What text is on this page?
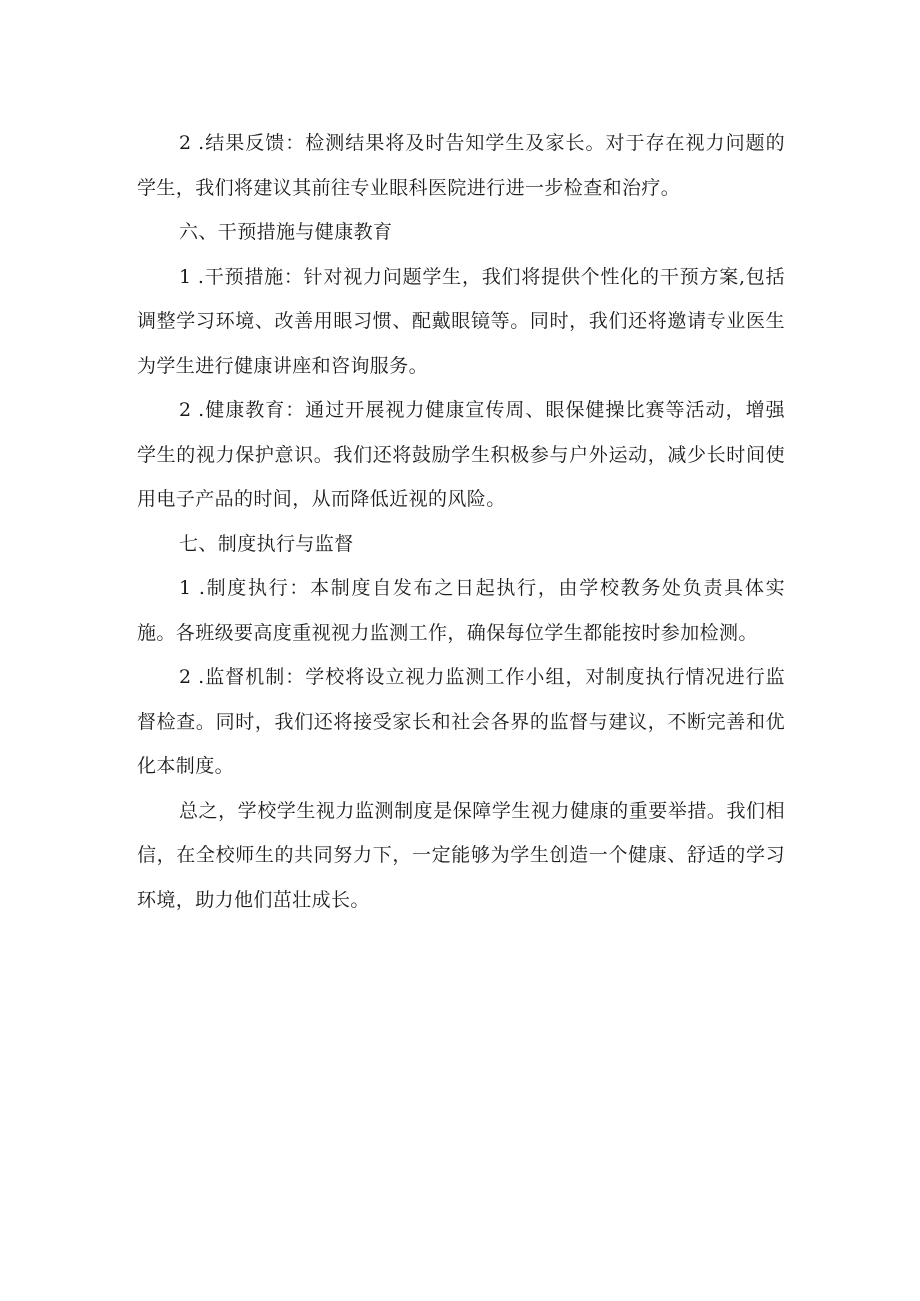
2 .结果反馈：检测结果将及时告知学生及家长。对于存在视力问题的学生，我们将建议其前往专业眼科医院进行进一步检查和治疗。

六、干预措施与健康教育

1 .干预措施：针对视力问题学生，我们将提供个性化的干预方案,包括调整学习环境、改善用眼习惯、配戴眼镜等。同时，我们还将邀请专业医生为学生进行健康讲座和咨询服务。

2 .健康教育：通过开展视力健康宣传周、眼保健操比赛等活动，增强学生的视力保护意识。我们还将鼓励学生积极参与户外运动，减少长时间使用电子产品的时间，从而降低近视的风险。

七、制度执行与监督

1 .制度执行：本制度自发布之日起执行，由学校教务处负责具体实施。各班级要高度重视视力监测工作，确保每位学生都能按时参加检测。

2 .监督机制：学校将设立视力监测工作小组，对制度执行情况进行监督检查。同时，我们还将接受家长和社会各界的监督与建议，不断完善和优化本制度。

总之，学校学生视力监测制度是保障学生视力健康的重要举措。我们相信，在全校师生的共同努力下，一定能够为学生创造一个健康、舒适的学习环境，助力他们茁壮成长。
